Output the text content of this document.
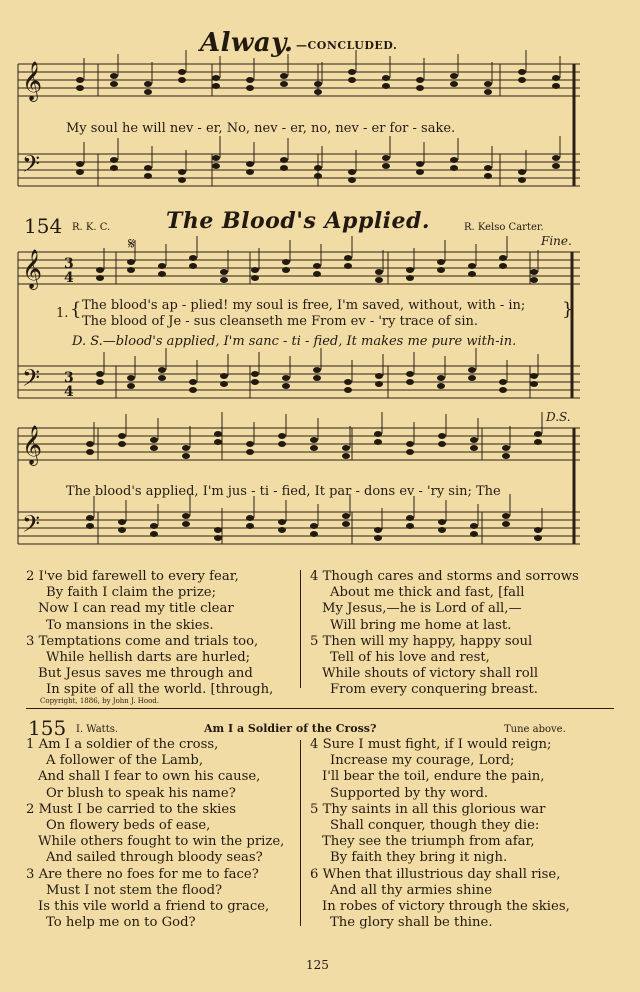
Alway. —CONCLUDED.
𝄞
𝄢
𝄞
𝄢
3
4
3
4
𝄞
𝄢
My soul he will nev - er, No, nev - er, no, nev - er for - sake.
154 R. K. C.	The Blood's Applied.	R. Kelso Carter.
𝄋	Fine.
1. { The blood's ap - plied! my soul is free, I'm saved, without, with - in;
The blood of Je - sus cleanseth me From ev - 'ry trace of sin.
}
D. S.—blood's applied, I'm sanc - ti - fied, It makes me pure with-in.
D.S.
The blood's applied, I'm jus - ti - fied, It par - dons ev - 'ry sin; The

2 I've bid farewell to every fear,

By faith I claim the prize;

Now I can read my title clear

To mansions in the skies.

3 Temptations come and trials too,

While hellish darts are hurled;

But Jesus saves me through and

In spite of all the world. [through,

4 Though cares and storms and sorrows

About me thick and fast, [fall

My Jesus,—he is Lord of all,—

Will bring me home at last.

5 Then will my happy, happy soul

Tell of his love and rest,

While shouts of victory shall roll

From every conquering breast.

Copyright, 1886, by John J. Hood.
155 I. Watts.	Am I a Soldier of the Cross?	Tune above.

1 Am I a soldier of the cross,

A follower of the Lamb,

And shall I fear to own his cause,

Or blush to speak his name?

2 Must I be carried to the skies

On flowery beds of ease,

While others fought to win the prize,

And sailed through bloody seas?

3 Are there no foes for me to face?

Must I not stem the flood?

Is this vile world a friend to grace,

To help me on to God?

4 Sure I must fight, if I would reign;

Increase my courage, Lord;

I'll bear the toil, endure the pain,

Supported by thy word.

5 Thy saints in all this glorious war

Shall conquer, though they die:

They see the triumph from afar,

By faith they bring it nigh.

6 When that illustrious day shall rise,

And all thy armies shine

In robes of victory through the skies,

The glory shall be thine.

125
